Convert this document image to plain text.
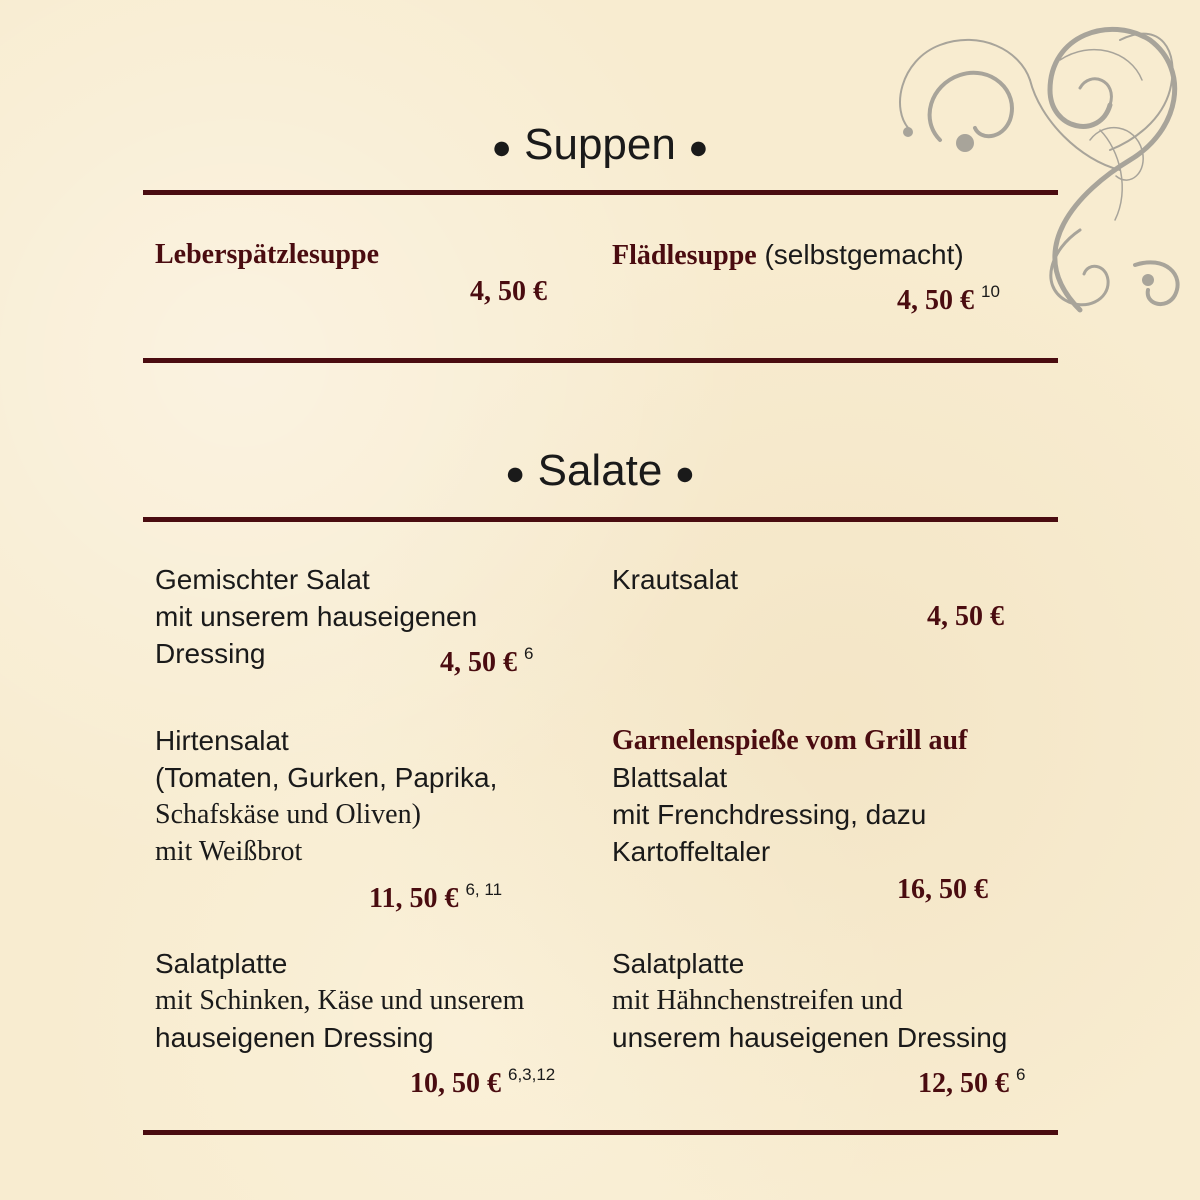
● Suppen ●
Leberspätzlesuppe
4, 50 €
Flädlesuppe (selbstgemacht)
4, 50 € $^{10}$
● Salate ●
Gemischter Salat
mit unserem hauseigenen
Dressing	4, 50 € $^6$
Krautsalat
4, 50 €
Hirtensalat
(Tomaten, Gurken, Paprika,
Schafskäse und Oliven)
mit Weißbrot
11, 50 € $^{6, 11}$
Garnelenspieße vom Grill auf
Blattsalat
mit Frenchdressing, dazu
Kartoffeltaler
16, 50 €
Salatplatte
mit Schinken, Käse und unserem
hauseigenen Dressing
10, 50 € $^{6,3,12}$
Salatplatte
mit Hähnchenstreifen und
unserem hauseigenen Dressing
12, 50 € $^6$
